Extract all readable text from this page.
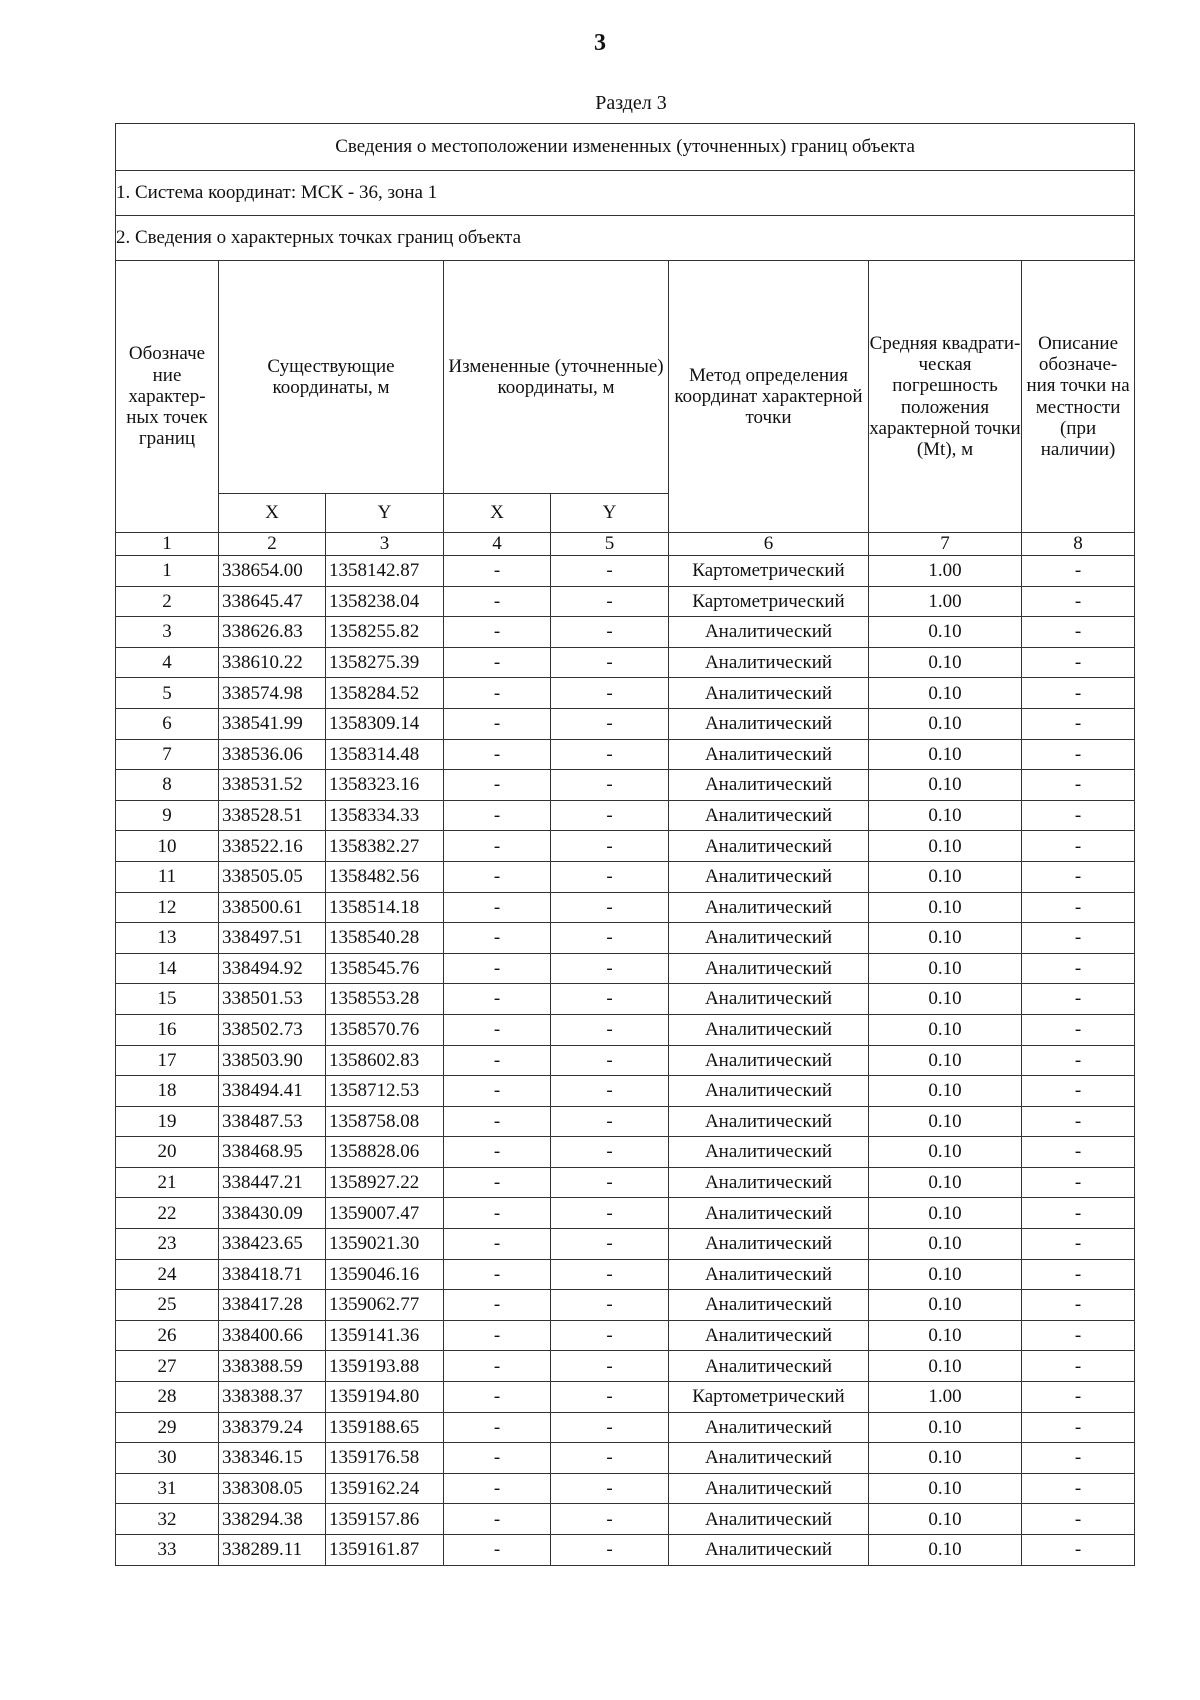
3
Раздел 3
Сведения о местоположении измененных (уточненных) границ объекта							
1. Система координат: МСК - 36, зона 1							
2. Сведения о характерных точках границ объекта							
Обозначе ние характер- ных точек границ	Существующие координаты, м		Измененные (уточненные) координаты, м		Метод определения координат характерной точки	Средняя квадрати- ческая погрешность положения характерной точки (Mt), м	Описание обозначе- ния точки на местности (при наличии)
	X	Y	X	Y			
1	2	3	4	5	6	7	8
1	338654.00	1358142.87	-	-	Картометрический	1.00	-
2	338645.47	1358238.04	-	-	Картометрический	1.00	-
3	338626.83	1358255.82	-	-	Аналитический	0.10	-
4	338610.22	1358275.39	-	-	Аналитический	0.10	-
5	338574.98	1358284.52	-	-	Аналитический	0.10	-
6	338541.99	1358309.14	-	-	Аналитический	0.10	-
7	338536.06	1358314.48	-	-	Аналитический	0.10	-
8	338531.52	1358323.16	-	-	Аналитический	0.10	-
9	338528.51	1358334.33	-	-	Аналитический	0.10	-
10	338522.16	1358382.27	-	-	Аналитический	0.10	-
11	338505.05	1358482.56	-	-	Аналитический	0.10	-
12	338500.61	1358514.18	-	-	Аналитический	0.10	-
13	338497.51	1358540.28	-	-	Аналитический	0.10	-
14	338494.92	1358545.76	-	-	Аналитический	0.10	-
15	338501.53	1358553.28	-	-	Аналитический	0.10	-
16	338502.73	1358570.76	-	-	Аналитический	0.10	-
17	338503.90	1358602.83	-	-	Аналитический	0.10	-
18	338494.41	1358712.53	-	-	Аналитический	0.10	-
19	338487.53	1358758.08	-	-	Аналитический	0.10	-
20	338468.95	1358828.06	-	-	Аналитический	0.10	-
21	338447.21	1358927.22	-	-	Аналитический	0.10	-
22	338430.09	1359007.47	-	-	Аналитический	0.10	-
23	338423.65	1359021.30	-	-	Аналитический	0.10	-
24	338418.71	1359046.16	-	-	Аналитический	0.10	-
25	338417.28	1359062.77	-	-	Аналитический	0.10	-
26	338400.66	1359141.36	-	-	Аналитический	0.10	-
27	338388.59	1359193.88	-	-	Аналитический	0.10	-
28	338388.37	1359194.80	-	-	Картометрический	1.00	-
29	338379.24	1359188.65	-	-	Аналитический	0.10	-
30	338346.15	1359176.58	-	-	Аналитический	0.10	-
31	338308.05	1359162.24	-	-	Аналитический	0.10	-
32	338294.38	1359157.86	-	-	Аналитический	0.10	-
33	338289.11	1359161.87	-	-	Аналитический	0.10	-
